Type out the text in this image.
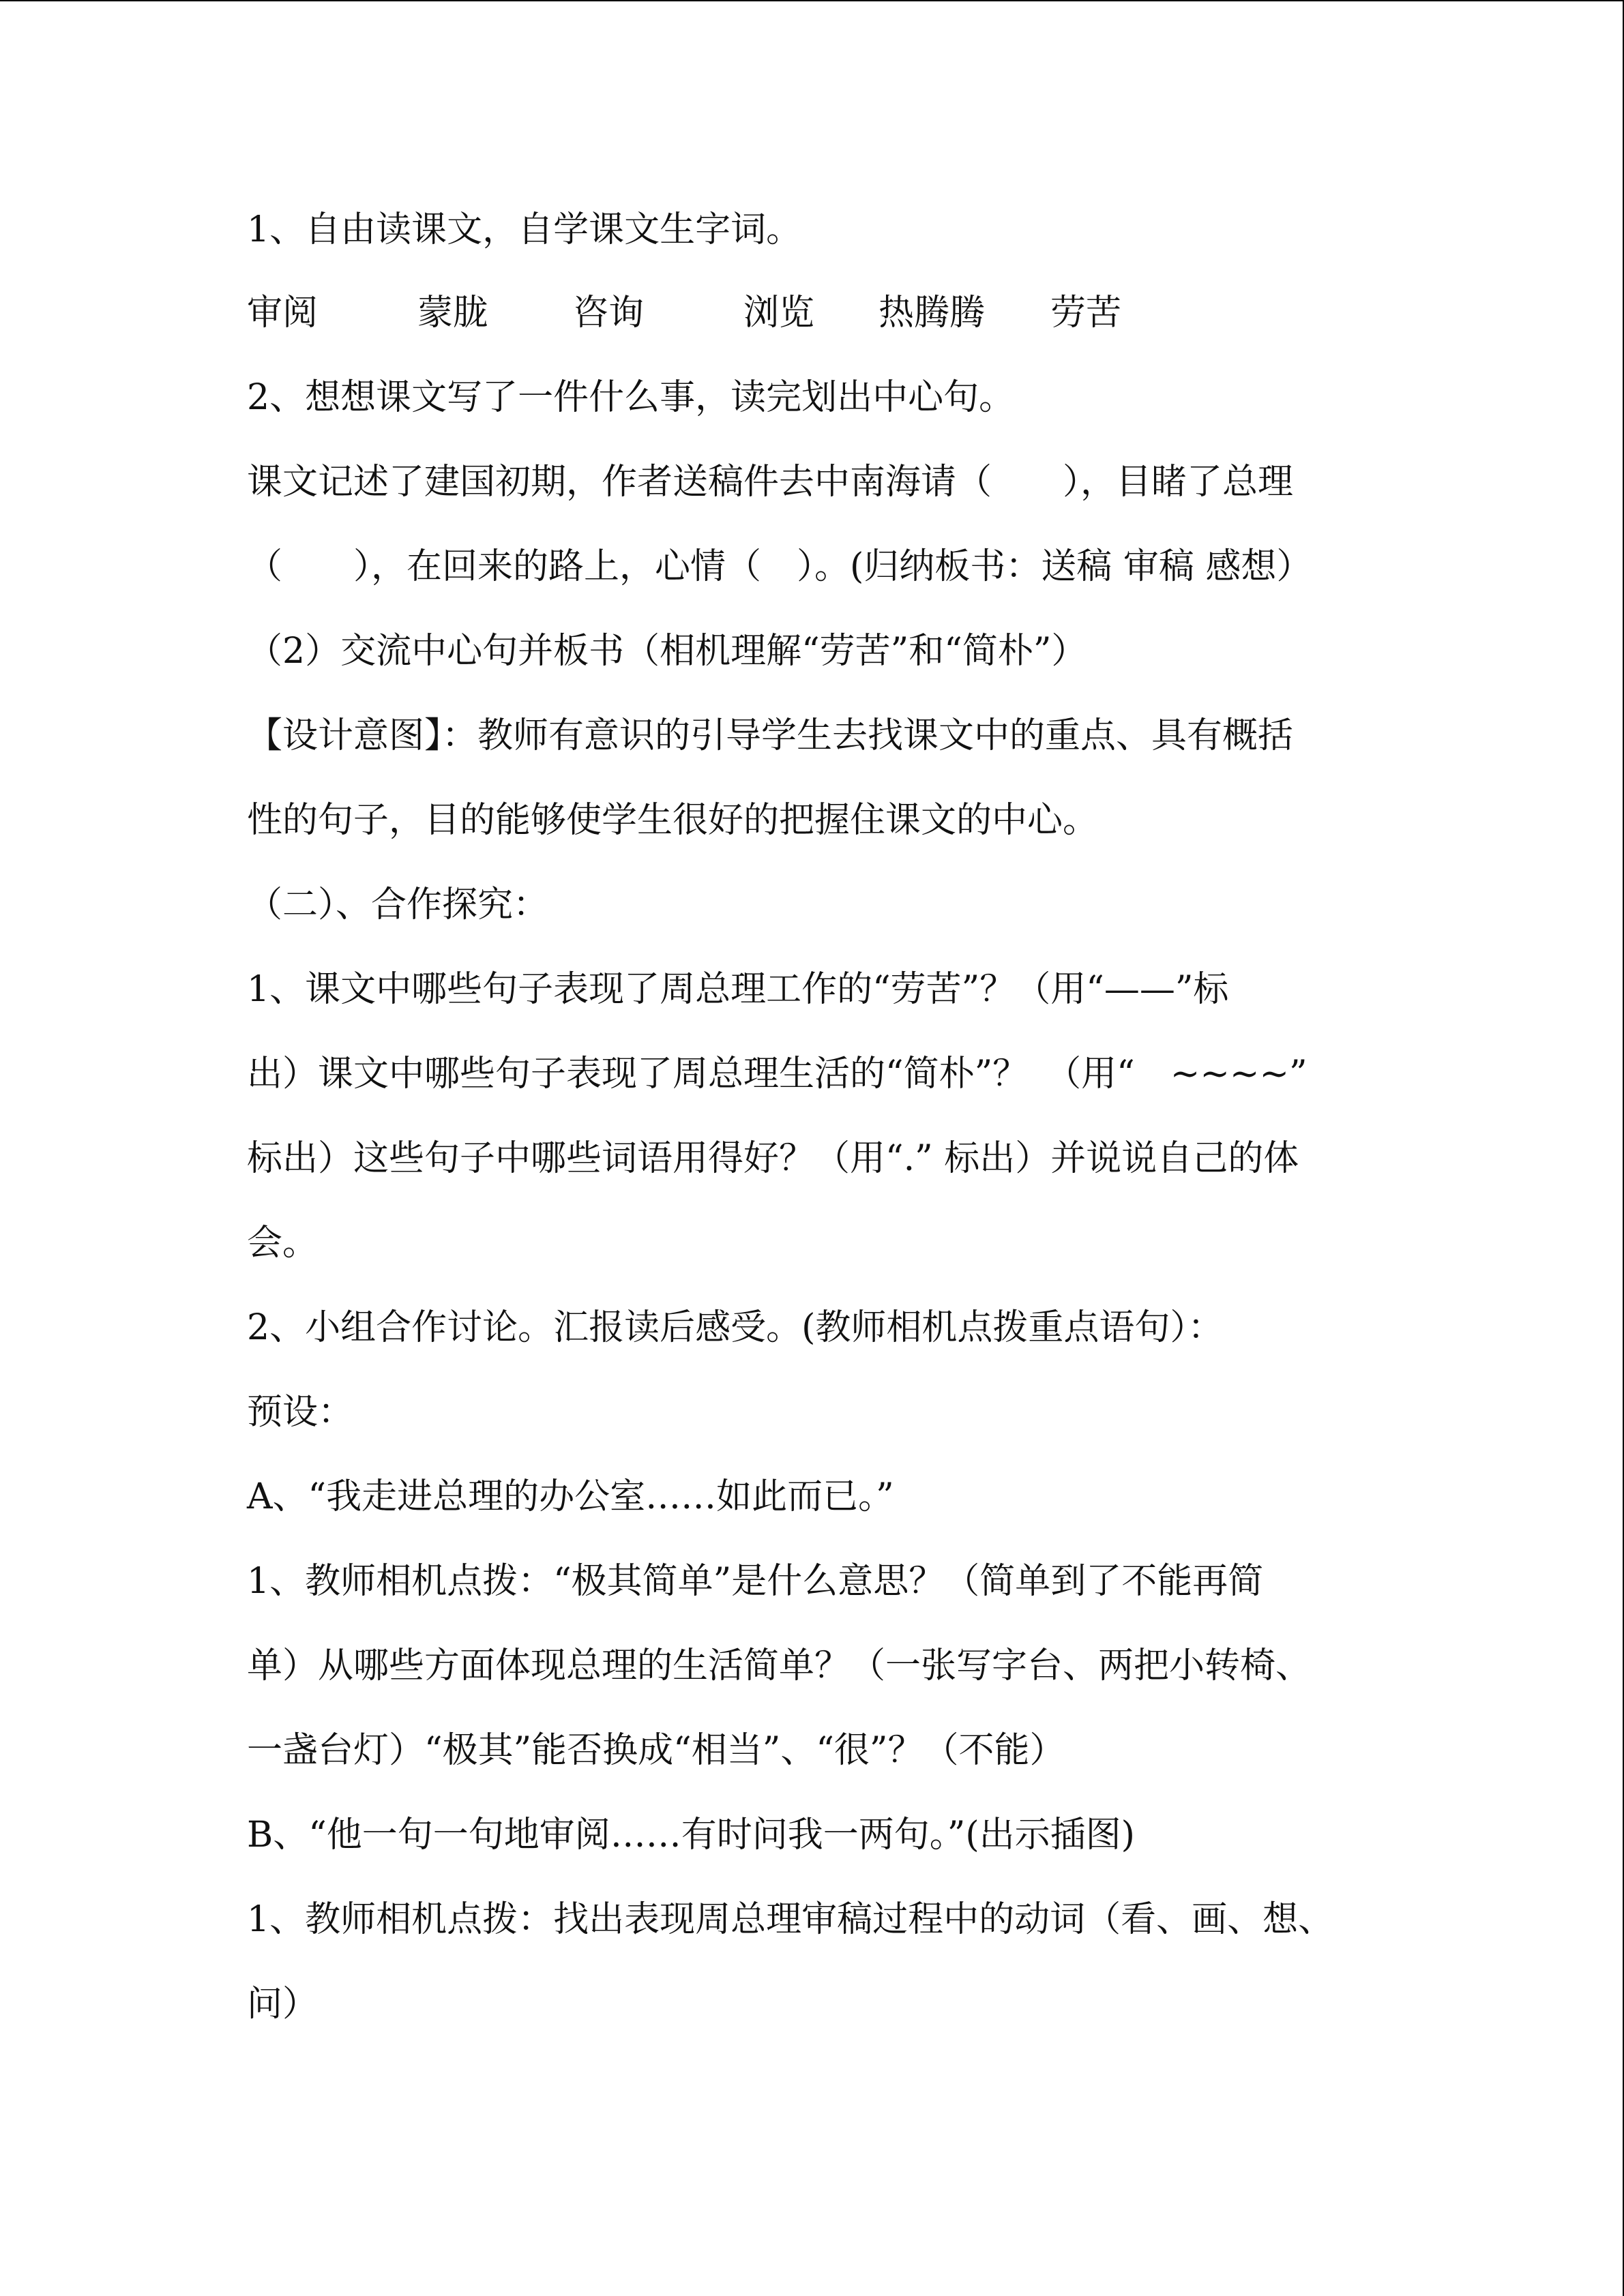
1、自由读课文，自学课文生字词。
审阅	蒙胧 咨询	浏览 热腾腾 劳苦
2、想想课文写了一件什么事，读完划出中心句。
课文记述了建国初期，作者送稿件去中南海请（　　），目睹了总理
（　　），在回来的路上，心情（　）。(归纳板书：送稿 审稿 感想）
（2）交流中心句并板书（相机理解“劳苦”和“简朴”）
【设计意图】：教师有意识的引导学生去找课文中的重点、具有概括
性的句子，目的能够使学生很好的把握住课文的中心。
（二）、合作探究：
1、课文中哪些句子表现了周总理工作的“劳苦”？（用“——”标
出）课文中哪些句子表现了周总理生活的“简朴”？　（用“　~~~~”
标出）这些句子中哪些词语用得好？（用“.” 标出）并说说自己的体
会。
2、小组合作讨论。汇报读后感受。(教师相机点拨重点语句）：
预设：
A、“我走进总理的办公室……如此而已。”
1、教师相机点拨：“极其简单”是什么意思？（简单到了不能再简
单）从哪些方面体现总理的生活简单？（一张写字台、两把小转椅、
一盏台灯）“极其”能否换成“相当”、“很”？（不能）
B、“他一句一句地审阅……有时问我一两句。”(出示插图)
1、教师相机点拨：找出表现周总理审稿过程中的动词（看、画、想、
问）
